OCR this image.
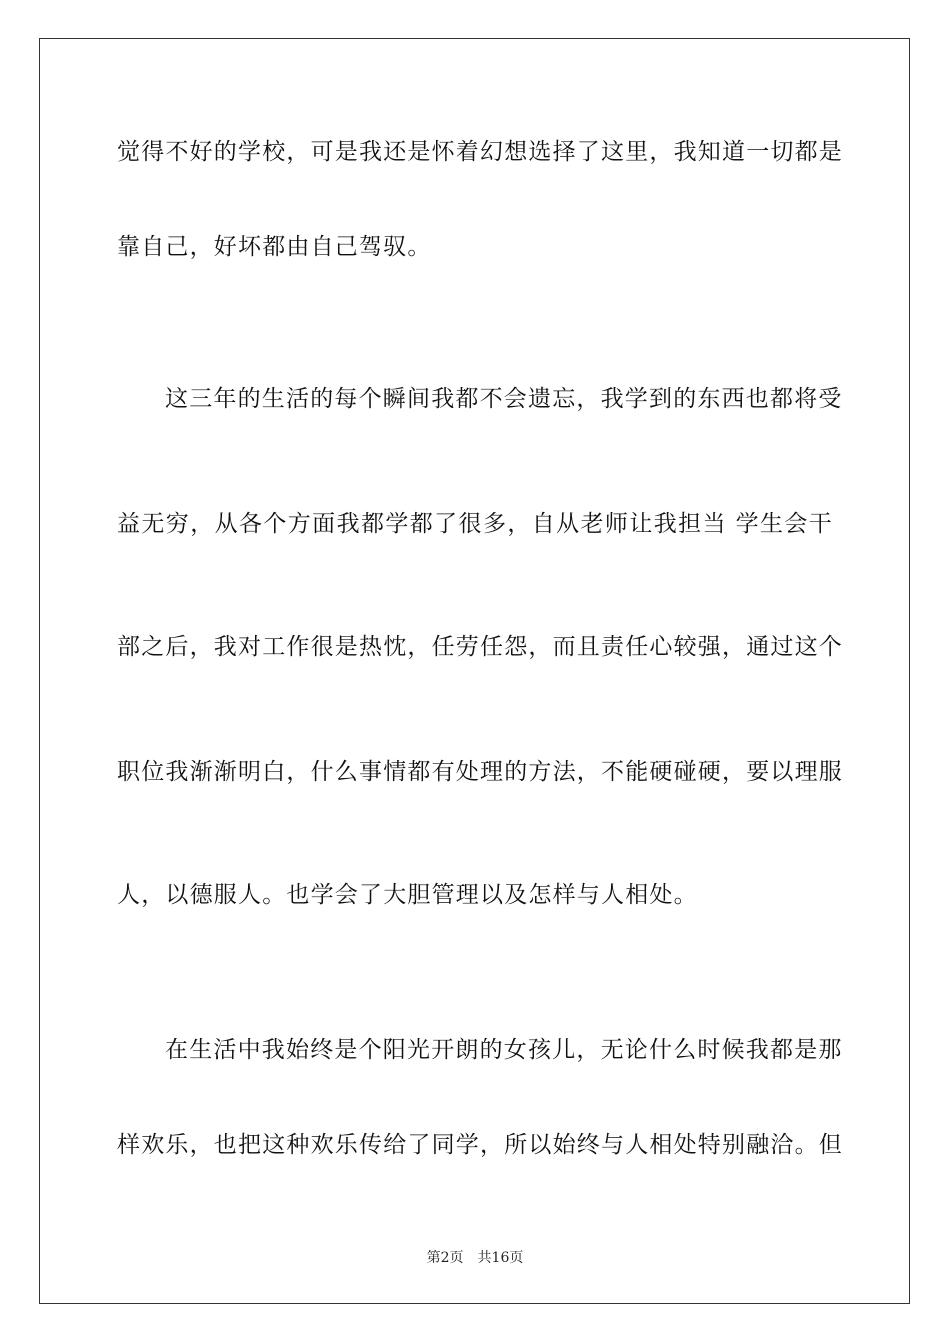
觉得不好的学校，可是我还是怀着幻想选择了这里，我知道一切都是
靠自己，好坏都由自己驾驭。
这三年的生活的每个瞬间我都不会遗忘，我学到的东西也都将受
益无穷，从各个方面我都学都了很多，自从老师让我担当 学生会干
部之后，我对工作很是热忱，任劳任怨，而且责任心较强，通过这个
职位我渐渐明白，什么事情都有处理的方法，不能硬碰硬，要以理服
人，以德服人。也学会了大胆管理以及怎样与人相处。
在生活中我始终是个阳光开朗的女孩儿，无论什么时候我都是那
样欢乐，也把这种欢乐传给了同学，所以始终与人相处特别融洽。但
第2页 共16页
